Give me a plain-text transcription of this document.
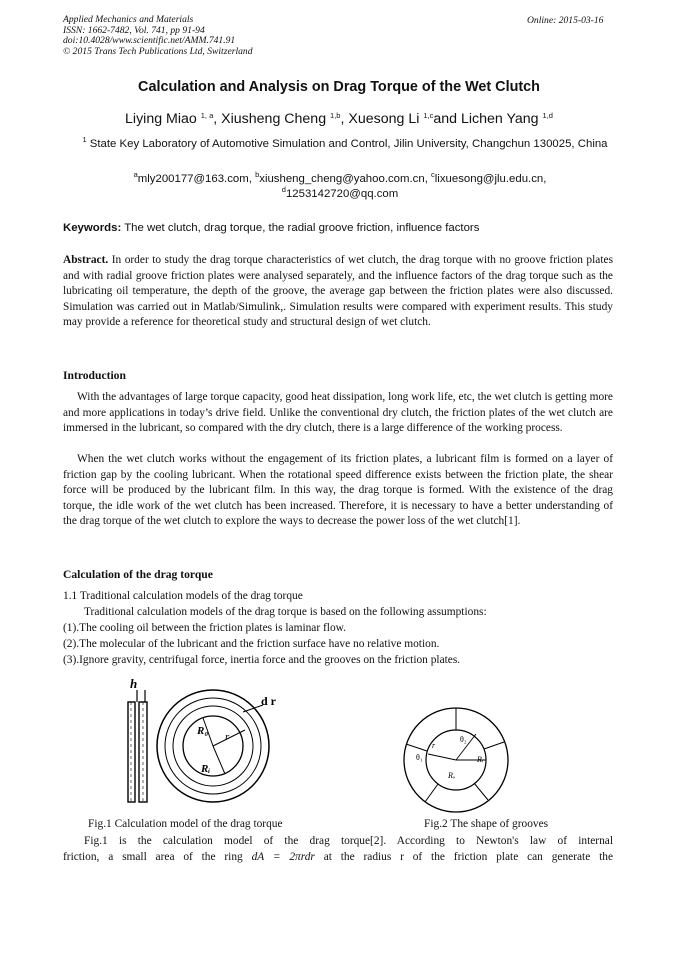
Applied Mechanics and Materials
ISSN: 1662-7482, Vol. 741, pp 91-94
doi:10.4028/www.scientific.net/AMM.741.91
© 2015 Trans Tech Publications Ltd, Switzerland
Online: 2015-03-16
Calculation and Analysis on Drag Torque of the Wet Clutch
Liying Miao $^{1, a}$, Xiusheng Cheng $^{1,b}$, Xuesong Li $^{1,c}$and Lichen Yang $^{1,d}$
$^1$ State Key Laboratory of Automotive Simulation and Control, Jilin University, Changchun 130025, China
$^a$mly200177@163.com, $^b$xiusheng_cheng@yahoo.com.cn, $^c$lixuesong@jlu.edu.cn,
$^d$1253142720@qq.com
Keywords: The wet clutch, drag torque, the radial groove friction, influence factors
Abstract. In order to study the drag torque characteristics of wet clutch, the drag torque with no groove friction plates and with radial groove friction plates were analysed separately, and the influence factors of the drag torque such as the lubricating oil temperature, the depth of the groove, the average gap between the friction plates were also discussed. Simulation was carried out in Matlab/Simulink,. Simulation results were compared with experiment results. This study may provide a reference for theoretical study and structural design of wet clutch.
Introduction
With the advantages of large torque capacity, good heat dissipation, long work life, etc, the wet clutch is getting more and more applications in today’s drive field. Unlike the conventional dry clutch, the friction plates of the wet clutch are immersed in the lubricant, so compared with the dry clutch, there is a large difference of the working process.
When the wet clutch works without the engagement of its friction plates, a lubricant film is formed on a layer of friction gap by the cooling lubricant. When the rotational speed difference exists between the friction plate, the shear force will be produced by the lubricant film. In this way, the drag torque is formed. With the existence of the drag torque, the idle work of the wet clutch has been increased. Therefore, it is necessary to have a better understanding of the drag torque of the wet clutch to explore the ways to decrease the power loss of the wet clutch[1].
Calculation of the drag torque
1.1 Traditional calculation models of the drag torque
Traditional calculation models of the drag torque is based on the following assumptions:
(1).The cooling oil between the friction plates is laminar flow.
(2).The molecular of the lubricant and the friction surface have no relative motion.
(3).Ignore gravity, centrifugal force, inertia force and the grooves on the friction plates.
h
d r
R₀ r
Rᵢ
θ₁
θ₂
r
Rᵢ
Rₒ
Fig.1 Calculation model of the drag torque	Fig.2 The shape of grooves
Fig.1 is the calculation model of the drag torque[2]. According to Newton's law of internal
friction, a small area of the ring dA = 2πrdr at the radius r of the friction plate can generate the
